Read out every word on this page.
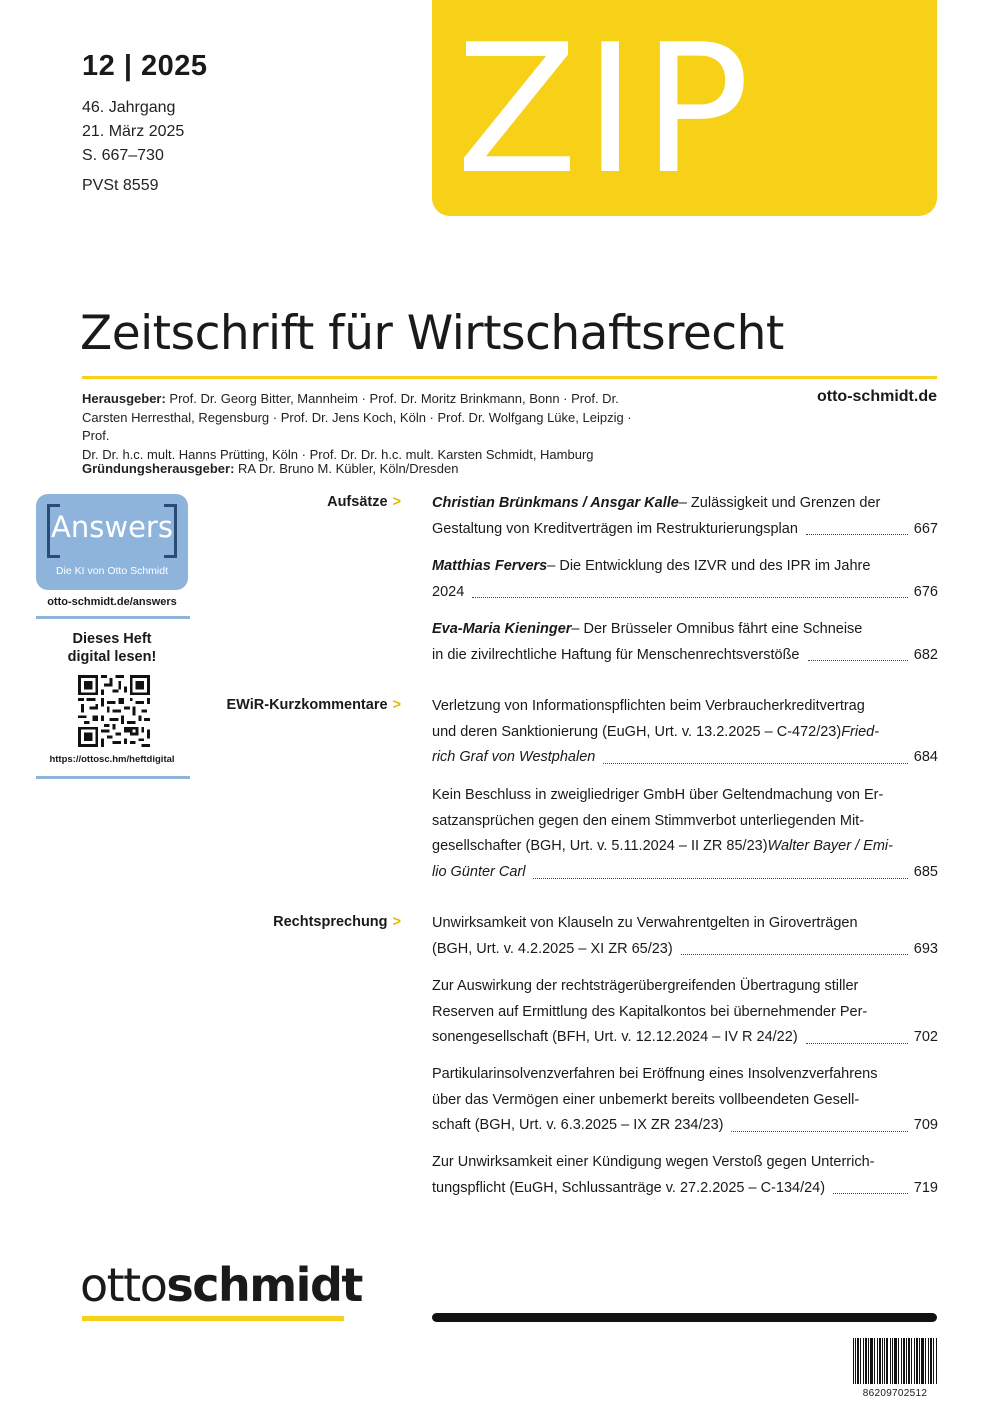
12 | 2025
46. Jahrgang
21. März 2025
S. 667–730
PVSt 8559 ZIP
Zeitschrift für Wirtschaftsrecht
otto-schmidt.de
Herausgeber: Prof. Dr. Georg Bitter, Mannheim · Prof. Dr. Moritz Brinkmann, Bonn · Prof. Dr.
Carsten Herresthal, Regensburg · Prof. Dr. Jens Koch, Köln · Prof. Dr. Wolfgang Lüke, Leipzig · Prof.
Dr. Dr. h.c. mult. Hanns Prütting, Köln · Prof. Dr. Dr. h.c. mult. Karsten Schmidt, Hamburg
Gründungsherausgeber: RA Dr. Bruno M. Kübler, Köln/Dresden
Answers
Die KI von Otto Schmidt
otto-schmidt.de/answers
Dieses Heft
digital lesen!
https://ottosc.hm/heftdigital
Aufsätze >
EWiR-Kurzkommentare >
Rechtsprechung >
Christian Brünkmans / Ansgar Kalle – Zulässigkeit und Grenzen der
Gestaltung von Kreditverträgen im Restrukturierungsplan	667
Matthias Fervers – Die Entwicklung des IZVR und des IPR im Jahre
2024	676
Eva-Maria Kieninger – Der Brüsseler Omnibus fährt eine Schneise
in die zivilrechtliche Haftung für Menschenrechtsverstöße	682
Verletzung von Informationspflichten beim Verbraucherkreditvertrag
und deren Sanktionierung (EuGH, Urt. v. 13.2.2025 – C-472/23) Fried-
rich Graf von Westphalen	684
Kein Beschluss in zweigliedriger GmbH über Geltendmachung von Er-
satzansprüchen gegen den einem Stimmverbot unterliegenden Mit-
gesellschafter (BGH, Urt. v. 5.11.2024 – II ZR 85/23) Walter Bayer / Emi-
lio Günter Carl	685
Unwirksamkeit von Klauseln zu Verwahrentgelten in Giroverträgen
(BGH, Urt. v. 4.2.2025 – XI ZR 65/23)	693
Zur Auswirkung der rechtsträgerübergreifenden Übertragung stiller
Reserven auf Ermittlung des Kapitalkontos bei übernehmender Per-
sonengesellschaft (BFH, Urt. v. 12.12.2024 – IV R 24/22)	702
Partikularinsolvenzverfahren bei Eröffnung eines Insolvenzverfahrens
über das Vermögen einer unbemerkt bereits vollbeendeten Gesell-
schaft (BGH, Urt. v. 6.3.2025 – IX ZR 234/23)	709
Zur Unwirksamkeit einer Kündigung wegen Verstoß gegen Unterrich-
tungspflicht (EuGH, Schlussanträge v. 27.2.2025 – C-134/24)	719
ottoschmidt
86209702512
